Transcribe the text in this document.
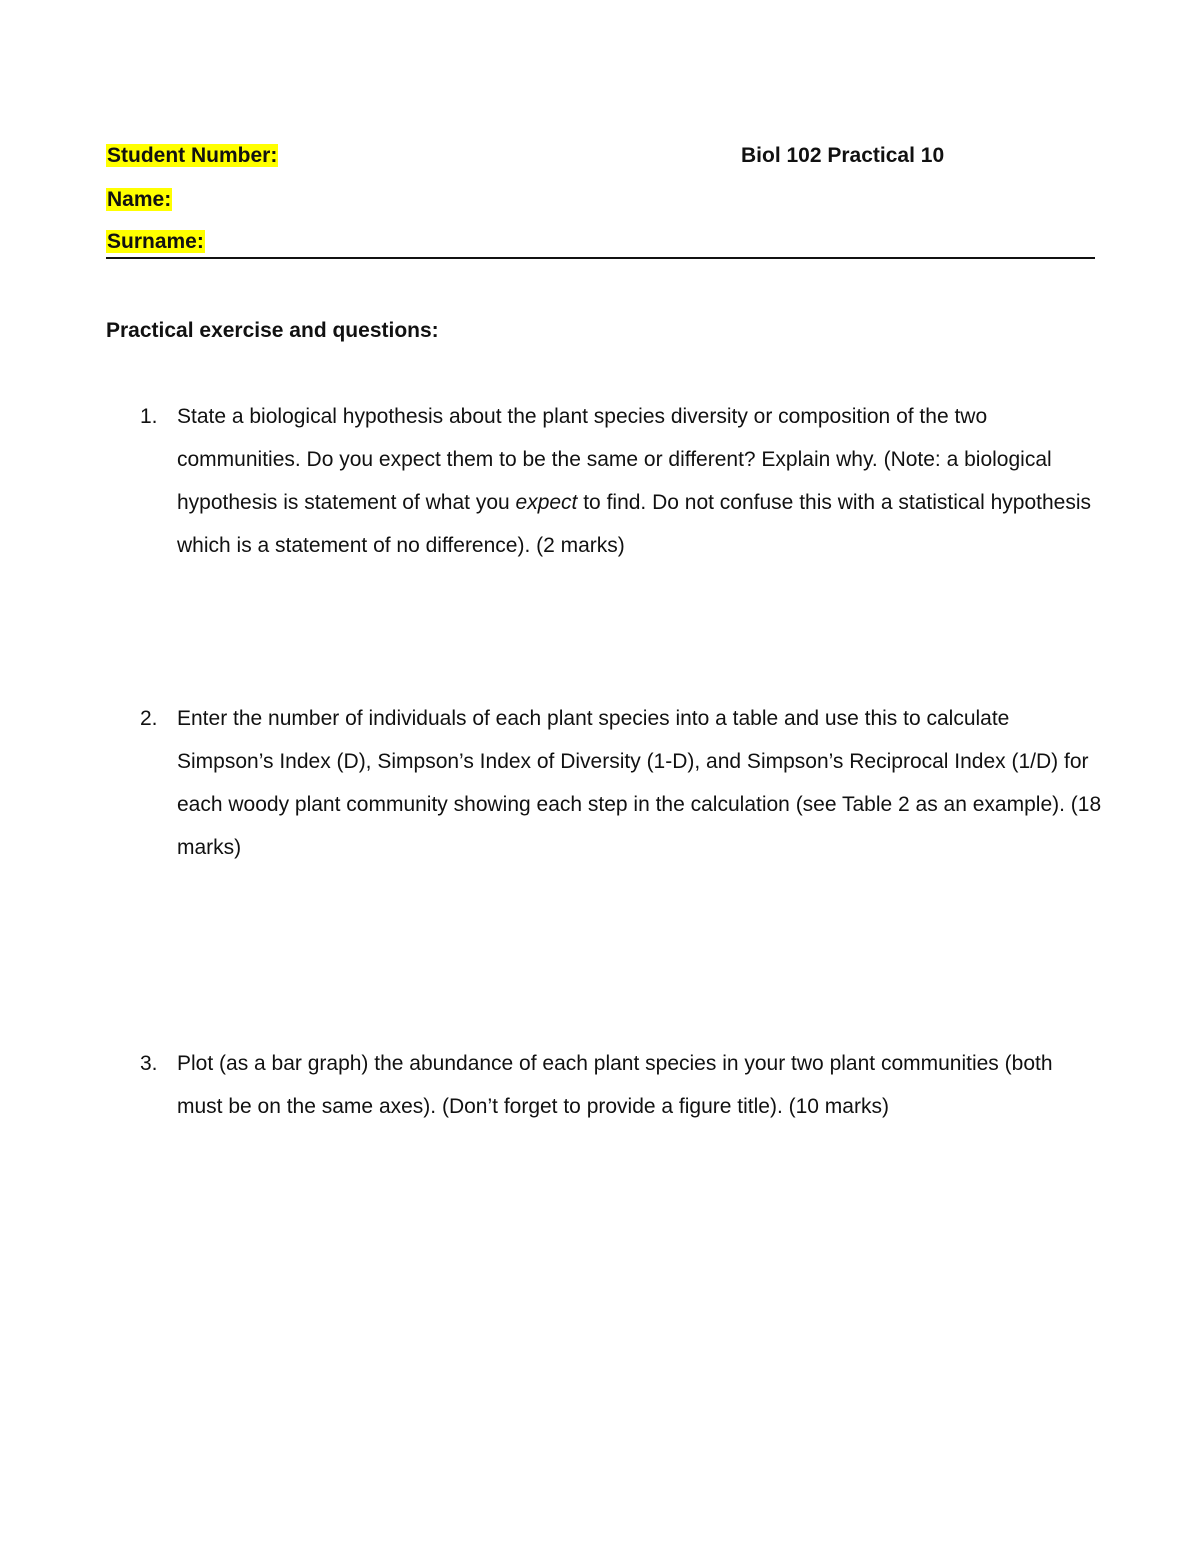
Student Number:	Biol 102 Practical 10

Name:

Surname:

Practical exercise and questions:

1. State a biological hypothesis about the plant species diversity or composition of the two communities. Do you expect them to be the same or different? Explain why. (Note: a biological hypothesis is statement of what you expect to find. Do not confuse this with a statistical hypothesis which is a statement of no difference). (2 marks)
2. Enter the number of individuals of each plant species into a table and use this to calculate Simpson’s Index (D), Simpson’s Index of Diversity (1-D), and Simpson’s Reciprocal Index (1/D) for each woody plant community showing each step in the calculation (see Table 2 as an example). (18 marks)
3. Plot (as a bar graph) the abundance of each plant species in your two plant communities (both must be on the same axes). (Don’t forget to provide a figure title). (10 marks)
